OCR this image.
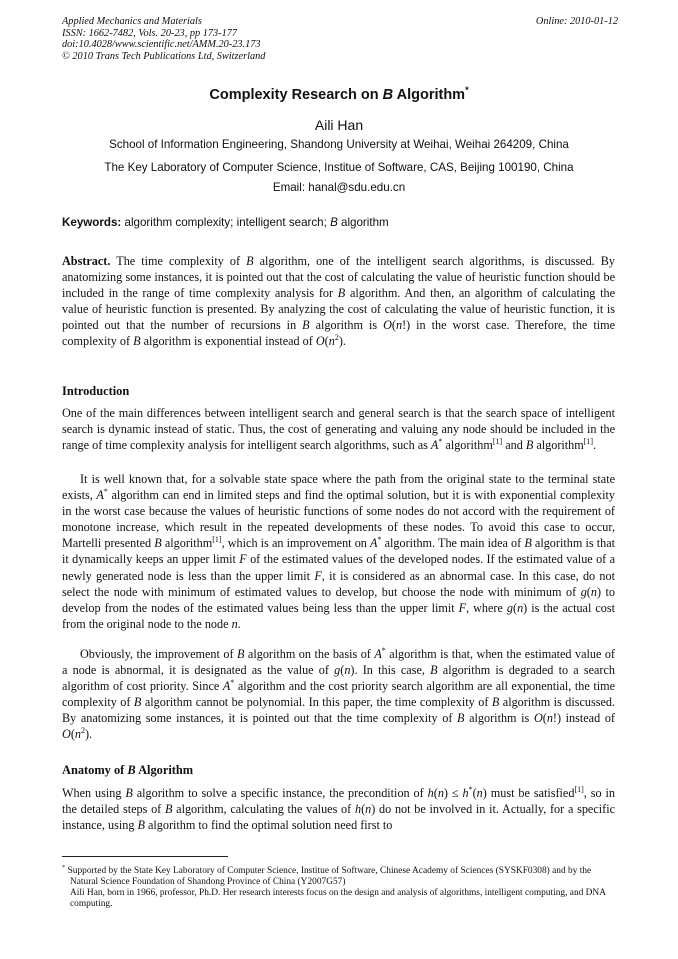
Applied Mechanics and Materials
ISSN: 1662-7482, Vols. 20-23, pp 173-177
doi:10.4028/www.scientific.net/AMM.20-23.173
© 2010 Trans Tech Publications Ltd, Switzerland
Online: 2010-01-12
Complexity Research on B Algorithm*
Aili Han
School of Information Engineering, Shandong University at Weihai, Weihai 264209, China
The Key Laboratory of Computer Science, Institue of Software, CAS, Beijing 100190, China
Email: hanal@sdu.edu.cn
Keywords: algorithm complexity; intelligent search; B algorithm
Abstract. The time complexity of B algorithm, one of the intelligent search algorithms, is discussed. By anatomizing some instances, it is pointed out that the cost of calculating the value of heuristic function should be included in the range of time complexity analysis for B algorithm. And then, an algorithm of calculating the value of heuristic function is presented. By analyzing the cost of calculating the value of heuristic function, it is pointed out that the number of recursions in B algorithm is O(n!) in the worst case. Therefore, the time complexity of B algorithm is exponential instead of $O(n^2)$.
Introduction
One of the main differences between intelligent search and general search is that the search space of intelligent search is dynamic instead of static. Thus, the cost of generating and valuing any node should be included in the range of time complexity analysis for intelligent search algorithms, such as A* algorithm[1] and B algorithm[1].
It is well known that, for a solvable state space where the path from the original state to the terminal state exists, A* algorithm can end in limited steps and find the optimal solution, but it is with exponential complexity in the worst case because the values of heuristic functions of some nodes do not accord with the requirement of monotone increase, which result in the repeated developments of these nodes. To avoid this case to occur, Martelli presented B algorithm[1], which is an improvement on A* algorithm. The main idea of B algorithm is that it dynamically keeps an upper limit F of the estimated values of the developed nodes. If the estimated value of a newly generated node is less than the upper limit F, it is considered as an abnormal case. In this case, do not select the node with minimum of estimated values to develop, but choose the node with minimum of g(n) to develop from the nodes of the estimated values being less than the upper limit F, where g(n) is the actual cost from the original node to the node n.
Obviously, the improvement of B algorithm on the basis of A* algorithm is that, when the estimated value of a node is abnormal, it is designated as the value of g(n). In this case, B algorithm is degraded to a search algorithm of cost priority. Since A* algorithm and the cost priority search algorithm are all exponential, the time complexity of B algorithm cannot be polynomial. In this paper, the time complexity of B algorithm is discussed. By anatomizing some instances, it is pointed out that the time complexity of B algorithm is O(n!) instead of $O(n^2)$.
Anatomy of B Algorithm
When using B algorithm to solve a specific instance, the precondition of h(n) ≤ h*(n) must be satisfied[1], so in the detailed steps of B algorithm, calculating the values of h(n) do not be involved in it. Actually, for a specific instance, using B algorithm to find the optimal solution need first to
* Supported by the State Key Laboratory of Computer Science, Institue of Software, Chinese Academy of Sciences (SYSKF0308) and by the Natural Science Foundation of Shandong Province of China (Y2007G57)
Aili Han, born in 1966, professor, Ph.D. Her research interests focus on the design and analysis of algorithms, intelligent computing, and DNA computing.
